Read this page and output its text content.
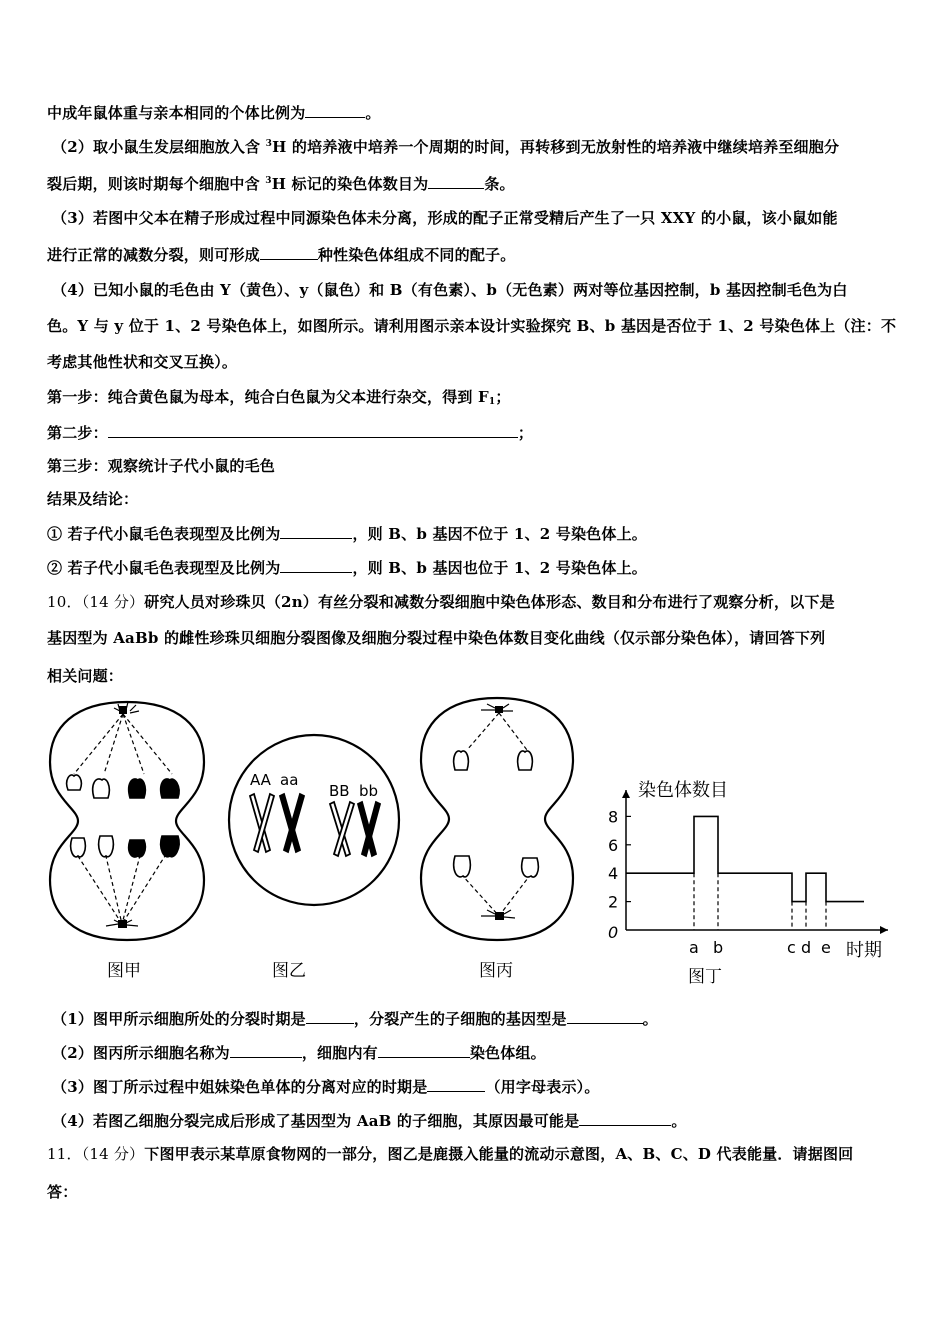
中成年鼠体重与亲本相同的个体比例为	。
（2）取小鼠生发层细胞放入含 $^3$H 的培养液中培养一个周期的时间，再转移到无放射性的培养液中继续培养至细胞分
裂后期，则该时期每个细胞中含 $^3$H 标记的染色体数目为	条。
（3）若图中父本在精子形成过程中同源染色体未分离，形成的配子正常受精后产生了一只 XXY 的小鼠，该小鼠如能
进行正常的减数分裂，则可形成	种性染色体组成不同的配子。
（4）已知小鼠的毛色由 Y（黄色）、y（鼠色）和 B（有色素）、b（无色素）两对等位基因控制，b 基因控制毛色为白
色。Y 与 y 位于 1、2 号染色体上，如图所示。请利用图示亲本设计实验探究 B、b 基因是否位于 1、2 号染色体上（注：不
考虑其他性状和交叉互换）。
第一步：纯合黄色鼠为母本，纯合白色鼠为父本进行杂交，得到 $F_1$；
第二步：	；
第三步：观察统计子代小鼠的毛色
结果及结论：
① 若子代小鼠毛色表现型及比例为	，则 B、b 基因不位于 1、2 号染色体上。
② 若子代小鼠毛色表现型及比例为	，则 B、b 基因也位于 1、2 号染色体上。
10．（14 分）研究人员对珍珠贝（2n）有丝分裂和减数分裂细胞中染色体形态、数目和分布进行了观察分析，以下是
基因型为 AaBb 的雌性珍珠贝细胞分裂图像及细胞分裂过程中染色体数目变化曲线（仅示部分染色体），请回答下列
相关问题：
图甲
AA aa
BB bb
图乙	图丙
染色体数目
时期
0
2
4
6
8
a b	c d e
图丁
（1）图甲所示细胞所处的分裂时期是	，分裂产生的子细胞的基因型是	。
（2）图丙所示细胞名称为	，细胞内有	染色体组。
（3）图丁所示过程中姐妹染色单体的分离对应的时期是	（用字母表示）。
（4）若图乙细胞分裂完成后形成了基因型为 AaB 的子细胞，其原因最可能是	。
11．（14 分）下图甲表示某草原食物网的一部分，图乙是鹿摄入能量的流动示意图，A、B、C、D 代表能量．请据图回
答：
